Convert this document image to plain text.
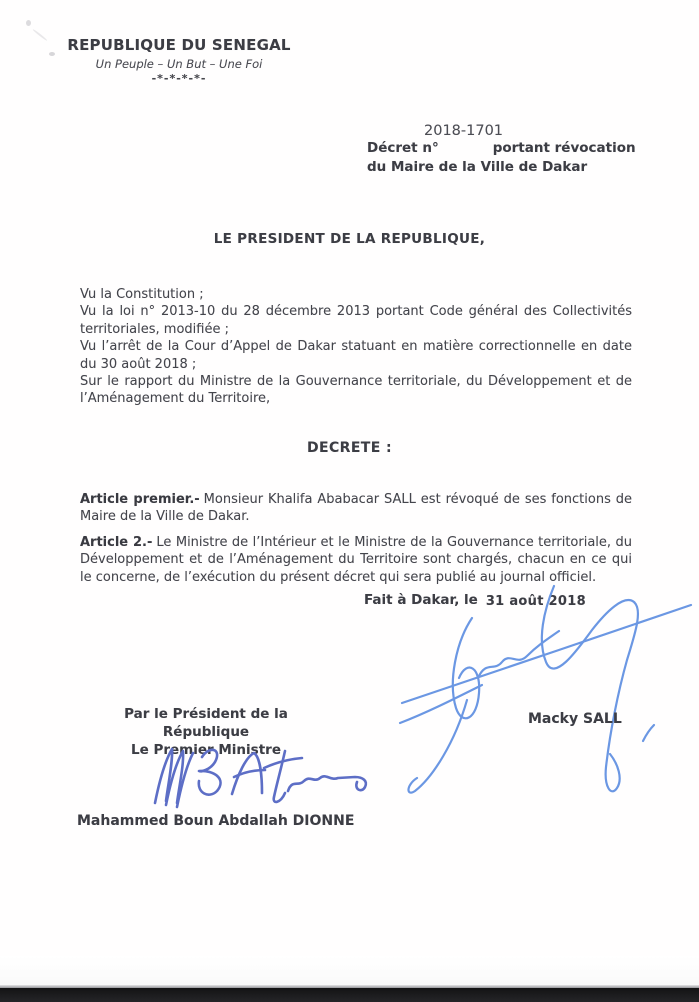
REPUBLIQUE DU SENEGAL
Un Peuple – Un But – Une Foi
-*-*-*-*-
2018-1701
Décret n°	portant révocation
du Maire de la Ville de Dakar
LE PRESIDENT DE LA REPUBLIQUE,

Vu la Constitution ;

Vu la loi n° 2013-10 du 28 décembre 2013 portant Code général des Collectivités territoriales, modifiée ;

Vu l’arrêt de la Cour d’Appel de Dakar statuant en matière correctionnelle en date du 30 août 2018 ;

Sur le rapport du Ministre de la Gouvernance territoriale, du Développement et de l’Aménagement du Territoire,

DECRETE :

Article premier.- Monsieur Khalifa Ababacar SALL est révoqué de ses fonctions de Maire de la Ville de Dakar.

Article 2.- Le Ministre de l’Intérieur et le Ministre de la Gouvernance territoriale, du Développement et de l’Aménagement du Territoire sont chargés, chacun en ce qui le concerne, de l’exécution du présent décret qui sera publié au journal officiel.

Fait à Dakar, le 31 août 2018
Macky SALL
Par le Président de la République
Le Premier Ministre
Mahammed Boun Abdallah DIONNE
